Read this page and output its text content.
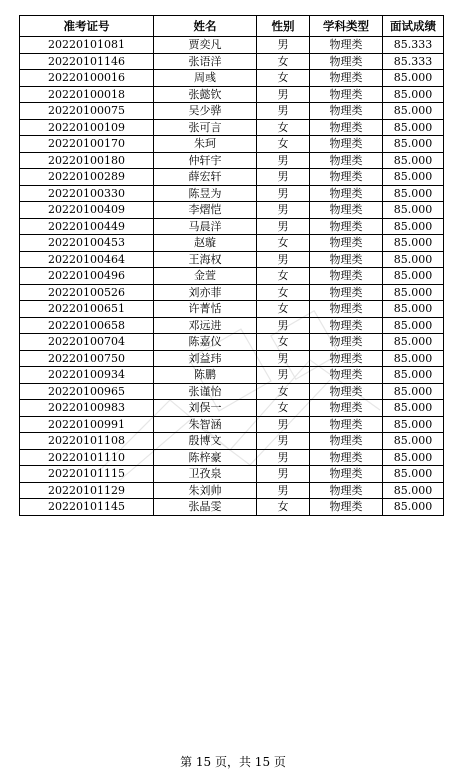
准考证号	姓名	性别	学科类型	面试成绩
20220101081	贾奕凡	男	物理类	85.333
20220101146	张语洋	女	物理类	85.333
20220100016	周彧	女	物理类	85.000
20220100018	张懿钦	男	物理类	85.000
20220100075	吴少骅	男	物理类	85.000
20220100109	张可言	女	物理类	85.000
20220100170	朱珂	女	物理类	85.000
20220100180	仲轩宇	男	物理类	85.000
20220100289	薛宏轩	男	物理类	85.000
20220100330	陈昱为	男	物理类	85.000
20220100409	李熠恺	男	物理类	85.000
20220100449	马晨洋	男	物理类	85.000
20220100453	赵璇	女	物理类	85.000
20220100464	王海权	男	物理类	85.000
20220100496	金萱	女	物理类	85.000
20220100526	刘亦菲	女	物理类	85.000
20220100651	许菁恬	女	物理类	85.000
20220100658	邓远进	男	物理类	85.000
20220100704	陈嘉仪	女	物理类	85.000
20220100750	刘益玮	男	物理类	85.000
20220100934	陈鹏	男	物理类	85.000
20220100965	张谨怡	女	物理类	85.000
20220100983	刘俣一	女	物理类	85.000
20220100991	朱智涵	男	物理类	85.000
20220101108	殷博文	男	物理类	85.000
20220101110	陈梓豪	男	物理类	85.000
20220101115	卫孜泉	男	物理类	85.000
20220101129	朱刘帅	男	物理类	85.000
20220101145	张晶雯	女	物理类	85.000
第 15 页，共 15 页
